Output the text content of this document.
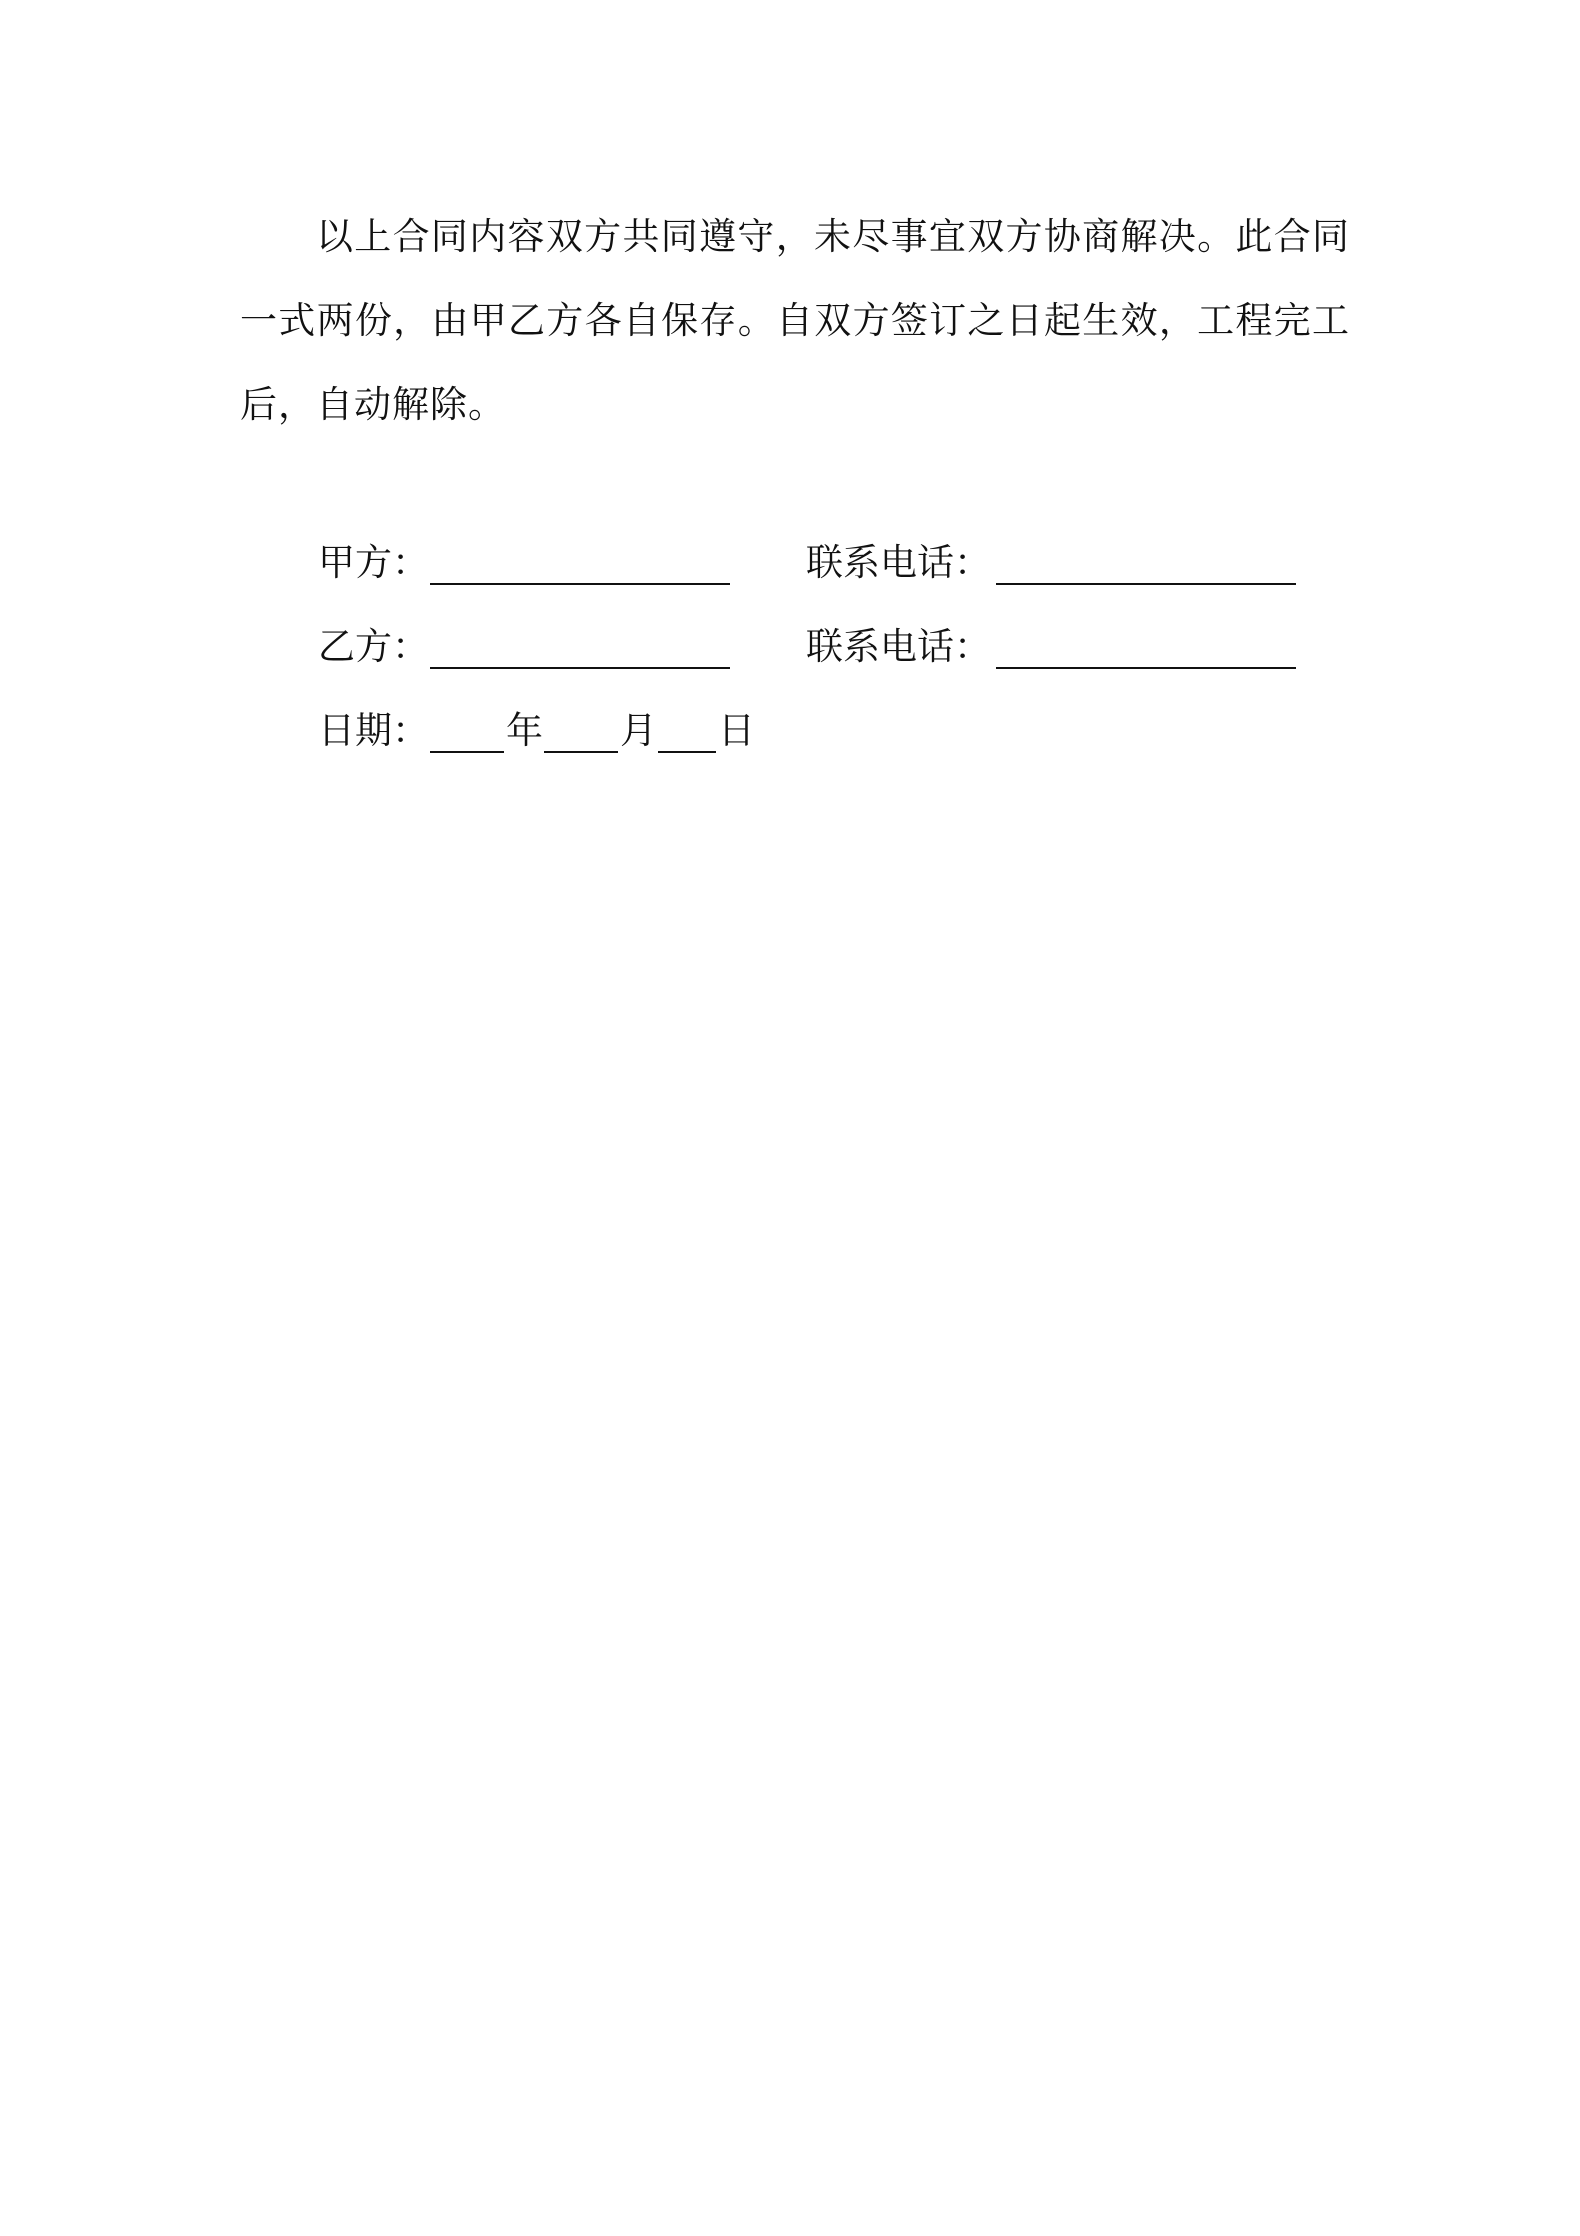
以上合同内容双方共同遵守，未尽事宜双方协商解决。此合同一式两份，由甲乙方各自保存。自双方签订之日起生效，工程完工后，自动解除。

甲方：	联系电话：
乙方：	联系电话：
日期： 年 月 日
